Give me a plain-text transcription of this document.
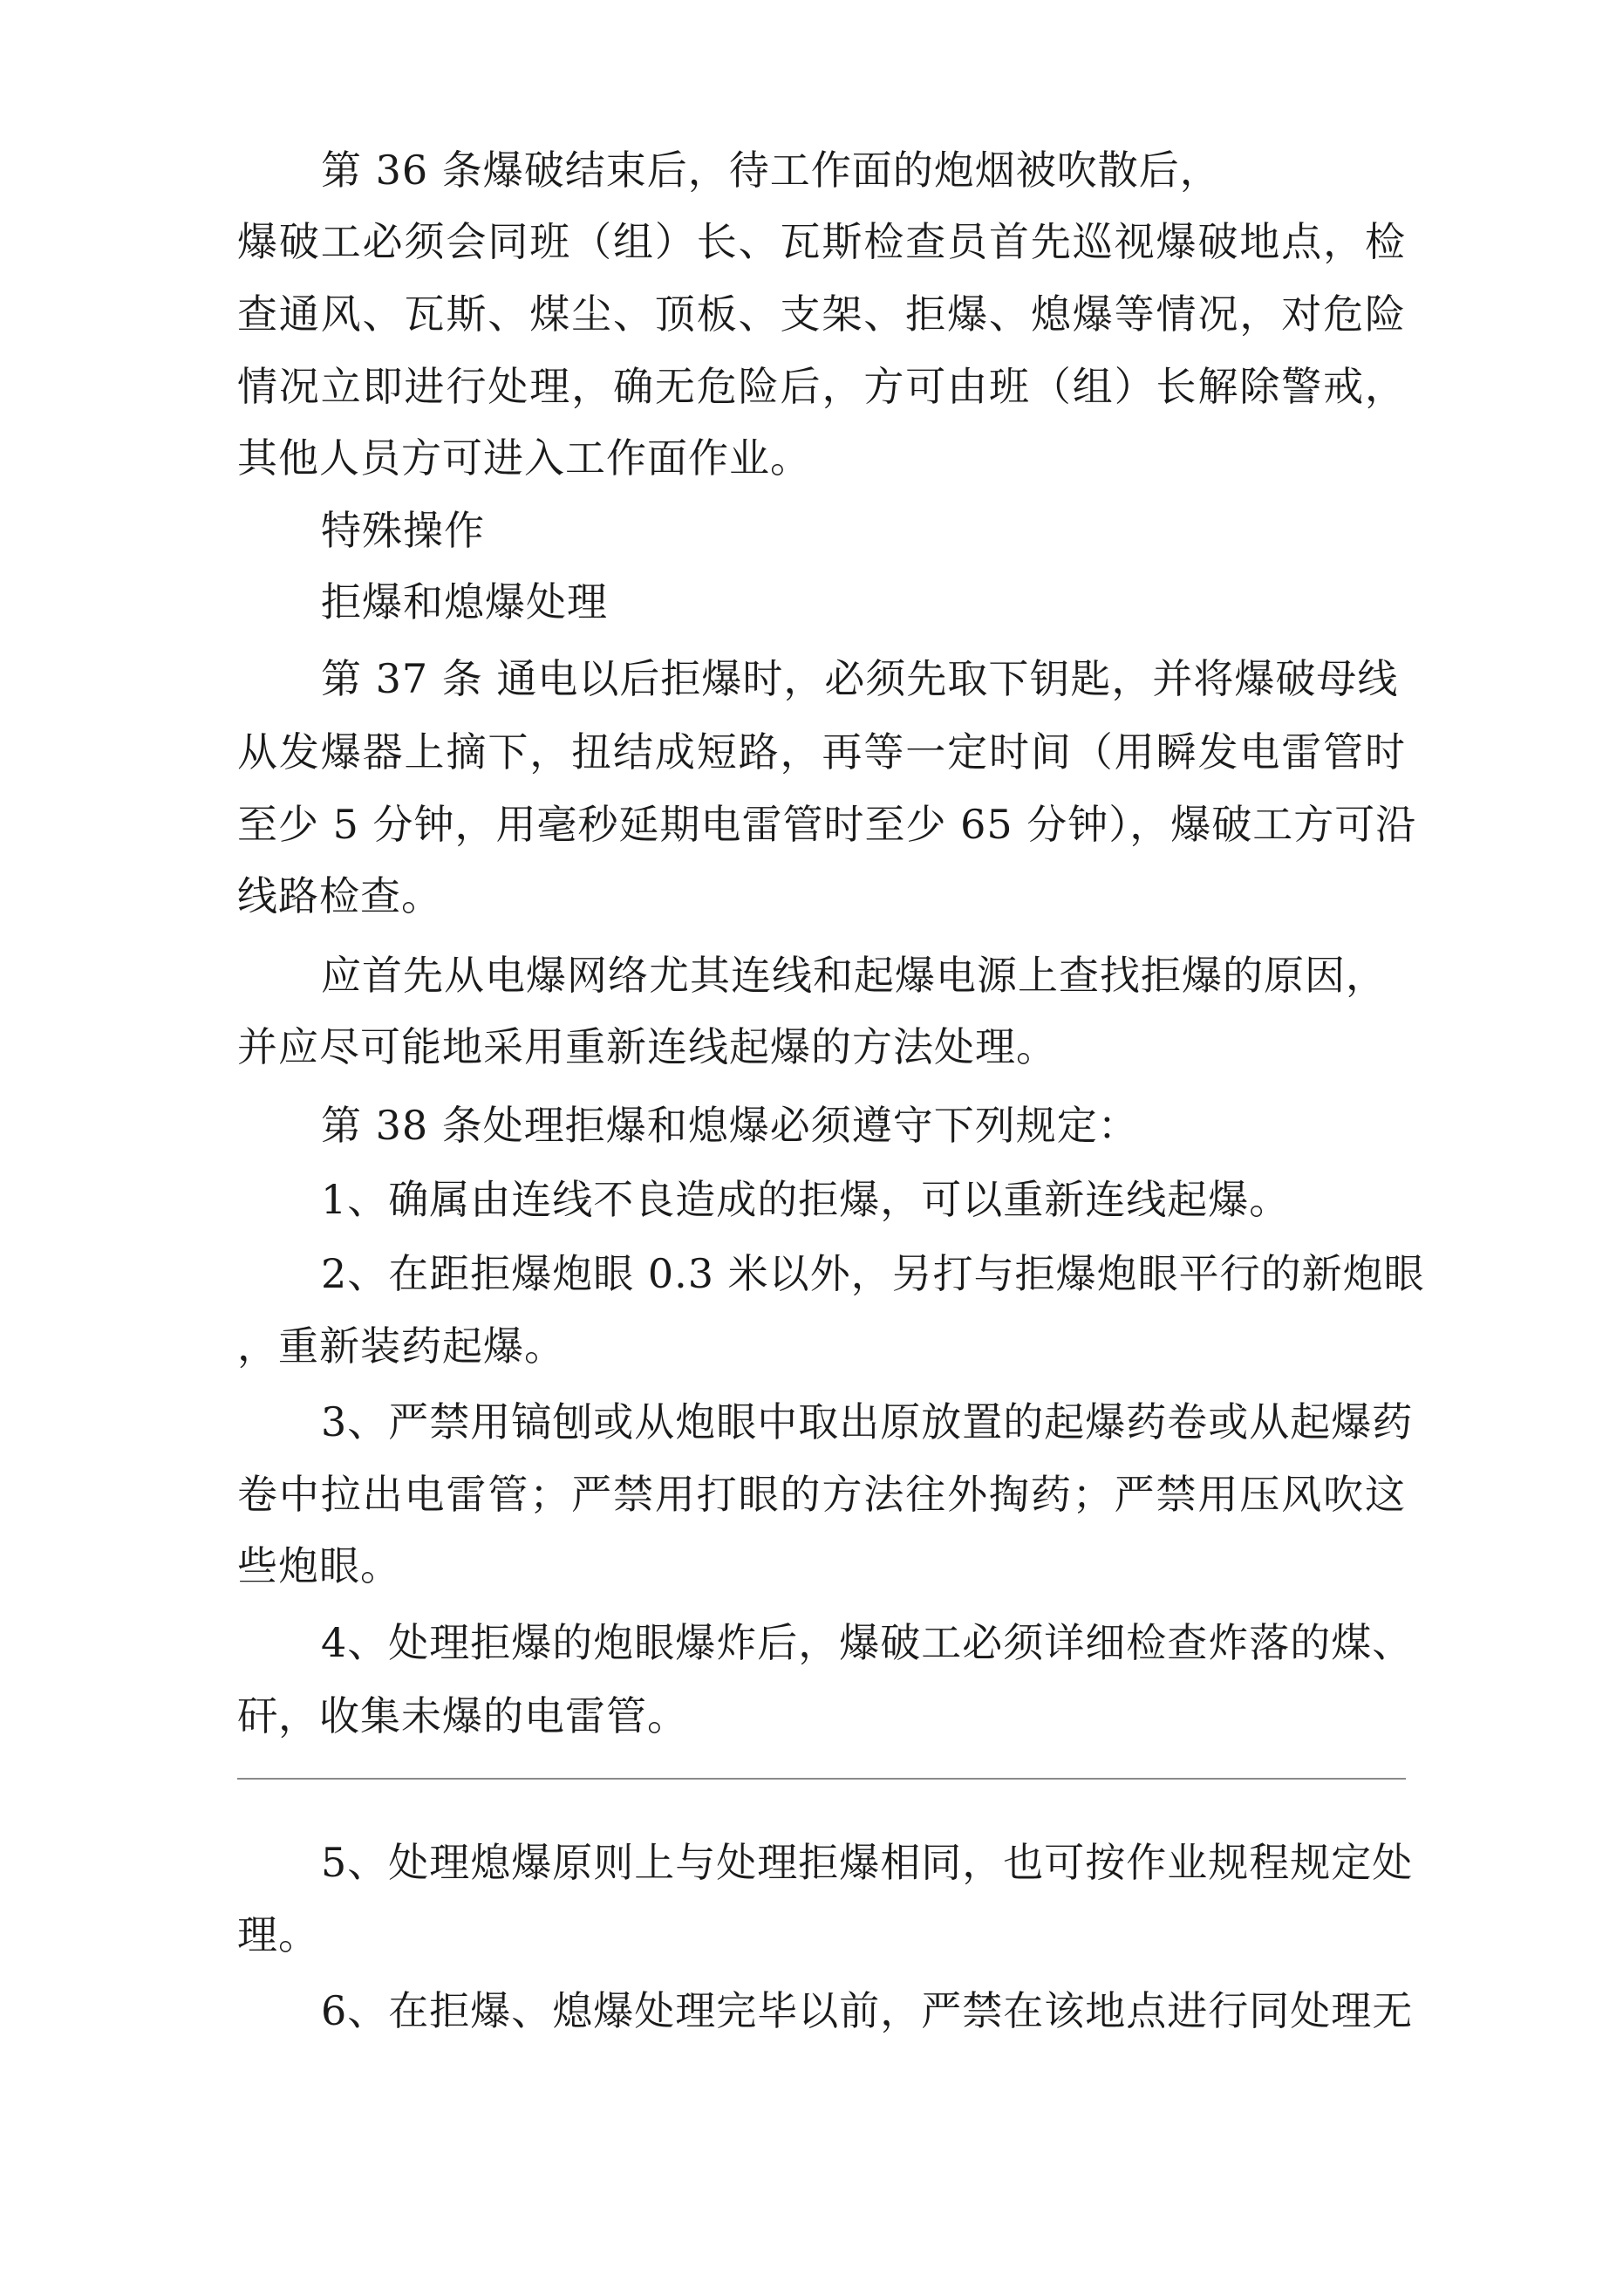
第 36 条爆破结束后，待工作面的炮烟被吹散后，
爆破工必须会同班（组）长、瓦斯检查员首先巡视爆破地点，检
查通风、瓦斯、煤尘、顶板、支架、拒爆、熄爆等情况，对危险
情况立即进行处理，确无危险后，方可由班（组）长解除警戒，
其他人员方可进入工作面作业。
特殊操作
拒爆和熄爆处理
第 37 条 通电以后拒爆时，必须先取下钥匙，并将爆破母线
从发爆器上摘下，扭结成短路，再等一定时间（用瞬发电雷管时
至少 5 分钟，用毫秒延期电雷管时至少 65 分钟），爆破工方可沿
线路检查。
应首先从电爆网络尤其连线和起爆电源上查找拒爆的原因，
并应尽可能地采用重新连线起爆的方法处理。
第 38 条处理拒爆和熄爆必须遵守下列规定：
1、确属由连线不良造成的拒爆，可以重新连线起爆。
2、在距拒爆炮眼 0.3 米以外，另打与拒爆炮眼平行的新炮眼
，重新装药起爆。
3、严禁用镐刨或从炮眼中取出原放置的起爆药卷或从起爆药
卷中拉出电雷管；严禁用打眼的方法往外掏药；严禁用压风吹这
些炮眼。
4、处理拒爆的炮眼爆炸后，爆破工必须详细检查炸落的煤、
矸，收集未爆的电雷管。
5、处理熄爆原则上与处理拒爆相同，也可按作业规程规定处
理。
6、在拒爆、熄爆处理完毕以前，严禁在该地点进行同处理无
